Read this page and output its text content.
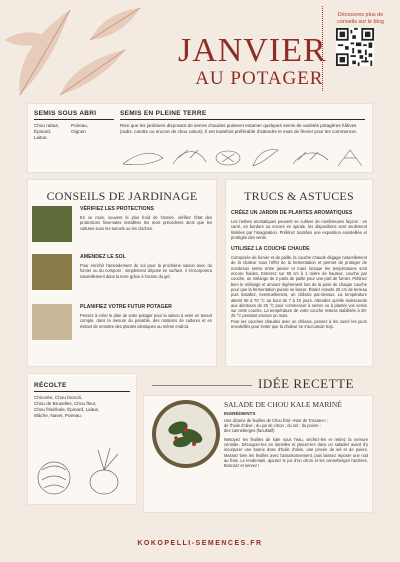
JANVIER
AU POTAGER
Découvres plus de conseils sur le blog
SEMIS SOUS ABRI
Chou rabas,
Épinard,
Laitue.
Poireau,
Oignon
SEMIS EN PLEINE TERRE
Rien que les jardiniers disposant de serres chaudes puissent entamer quelques semis de variétés potagères hâtives (radis, carotte ou encore de chou cabus). Il est toutefois préférable d'attendre le mois de février pour les commencer.
CONSEILS DE JARDINAGE
VÉRIFIEZ LES PROTECTIONS
En ce mois, souvent le plus froid de l'année, vérifiez l'état des protections hivernales installées les mois précédents ainsi que les cultures sous les tunnels ou les cloches.
AMENDEZ LE SOL
Pour enrichir l'amendement du sol pour la prochaine saison avec du fumier ou du compost : simplement déposé en surface, il s'incorporera naturellement dans la terre grâce à l'action du gel.
PLANIFIEZ VOTRE FUTUR POTAGER
Pensez à créer le plan de votre potager pour la saison à venir en tenant compte, dans la mesure du possible, des rotations de cultures et en évitant de remettre des plantes identiques au même endroit.
TRUCS & ASTUCES
CRÉEZ UN JARDIN DE PLANTES AROMATIQUES
Les herbes aromatiques peuvent se cultiver de nombreuses façons : en carré, en bordure ou encore en spirale, les dispositions sont seulement limitées par l'imagination. Préférez toutefois une exposition ensoleillée et protégée des vents.
UTILISEZ LA COUCHE CHAUDE
Composée de fumier et de paille, la couche chaude dégage naturellement de la chaleur sous l'effet de la fermentation et permet de protéger de nombreux semis entre janvier et mars lorsque les températures sont encore froides. Enterrez sur 60 cm à 1 mètre de hauteur, couche par couche, un mélange de 2 parts de paille pour une part de fumier. Piétinez bien le mélange et arrosez légèrement lors de la pose de chaque couche pour que la fermentation puisse se lancer. Étalez ensuite 20 cm de terreau puis installez, éventuellement, un châssis par-dessus. La température atteint 60 à 70 °C au bout de 7 à 10 jours. Attendez qu'elle redescende aux alentours de 25 °C pour commencer à semer ou à planter vos semis sur cette couche. La température de votre couche restera stabilisée à 20-25 °C pendant environ un mois.
Pour les couches chaudes avec un châssis, pensez à les ouvrir les jours ensoleillés pour éviter que la chaleur ne s'accumule trop.
RÉCOLTE
Chicorée, Chou brocoli,
Chou de Bruxelles, Chou fleur,
Chou frisé/kale, Épinard, Laitue,
Mâche, Navet, Poireau.
IDÉE RECETTE
SALADE DE CHOU KALE MARINÉ
INGRÉDIENTS
Une dizaine de feuilles de Chou frisé «Noir de Toscane» ;
de l'huile d'olive ; du jus de citron ; du sel ; du poivre ;
des canneberges (facultatif)
Nettoyez les feuilles de kale sous l'eau, séchez-les et retirez la nervure centrale. Découpez-les en lamelles et placez-les dans un saladier avant d'y incorporer une bonne dose d'huile d'olive, une pincée de sel et de poivre. Massez bien les feuilles avec l'assaisonnement, puis laissez reposer une nuit au frais. Le lendemain, ajoutez le jus d'un citron et les canneberges hachées. Bonnarz et servez !
KOKOPELLI-SEMENCES.FR
